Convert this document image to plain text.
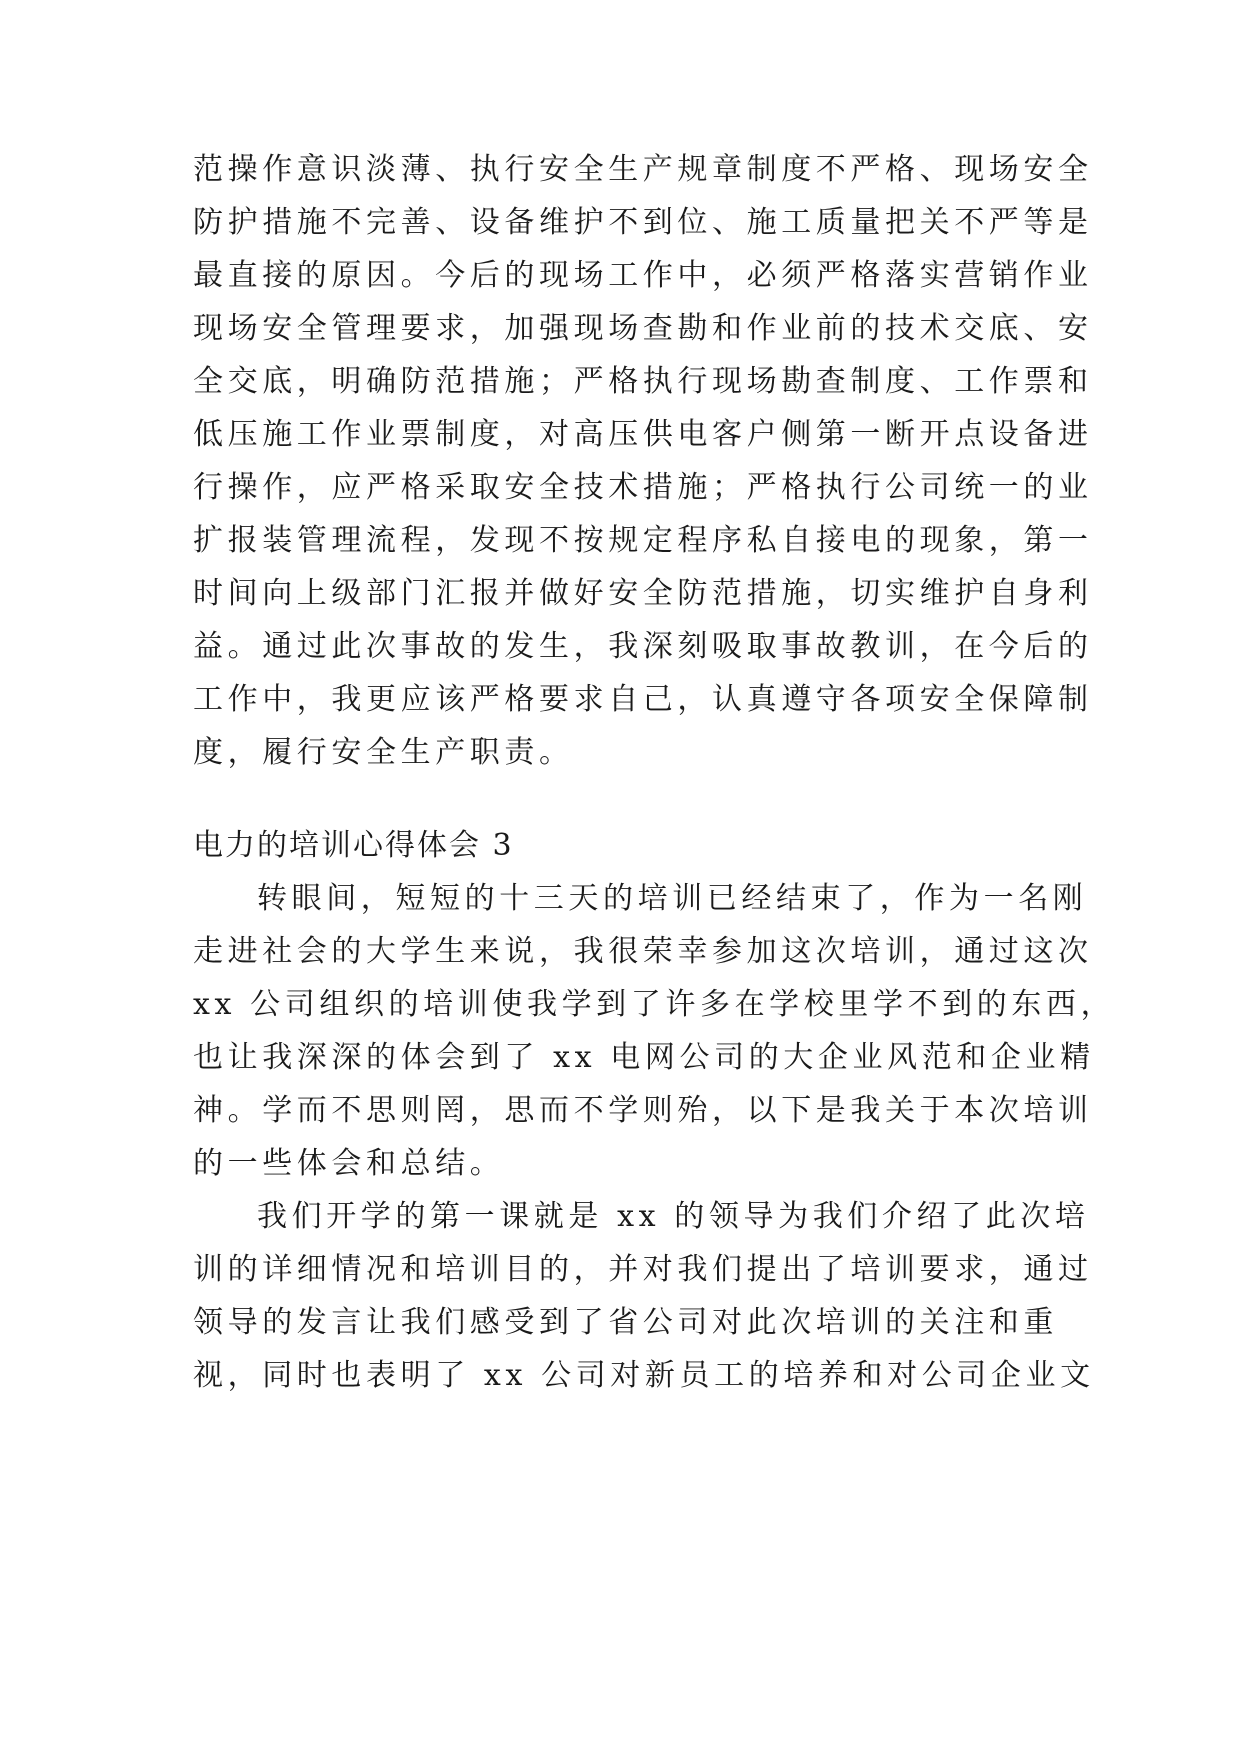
范操作意识淡薄、执行安全生产规章制度不严格、现场安全
防护措施不完善、设备维护不到位、施工质量把关不严等是
最直接的原因。今后的现场工作中，必须严格落实营销作业
现场安全管理要求，加强现场查勘和作业前的技术交底、安
全交底，明确防范措施；严格执行现场勘查制度、工作票和
低压施工作业票制度，对高压供电客户侧第一断开点设备进
行操作，应严格采取安全技术措施；严格执行公司统一的业
扩报装管理流程，发现不按规定程序私自接电的现象，第一
时间向上级部门汇报并做好安全防范措施，切实维护自身利
益。通过此次事故的发生，我深刻吸取事故教训，在今后的
工作中，我更应该严格要求自己，认真遵守各项安全保障制
度，履行安全生产职责。
电力的培训心得体会 3
转眼间，短短的十三天的培训已经结束了，作为一名刚
走进社会的大学生来说，我很荣幸参加这次培训，通过这次
xx 公司组织的培训使我学到了许多在学校里学不到的东西，
也让我深深的体会到了 xx 电网公司的大企业风范和企业精
神。学而不思则罔，思而不学则殆，以下是我关于本次培训
的一些体会和总结。
我们开学的第一课就是 xx 的领导为我们介绍了此次培
训的详细情况和培训目的，并对我们提出了培训要求，通过
领导的发言让我们感受到了省公司对此次培训的关注和重
视，同时也表明了 xx 公司对新员工的培养和对公司企业文
